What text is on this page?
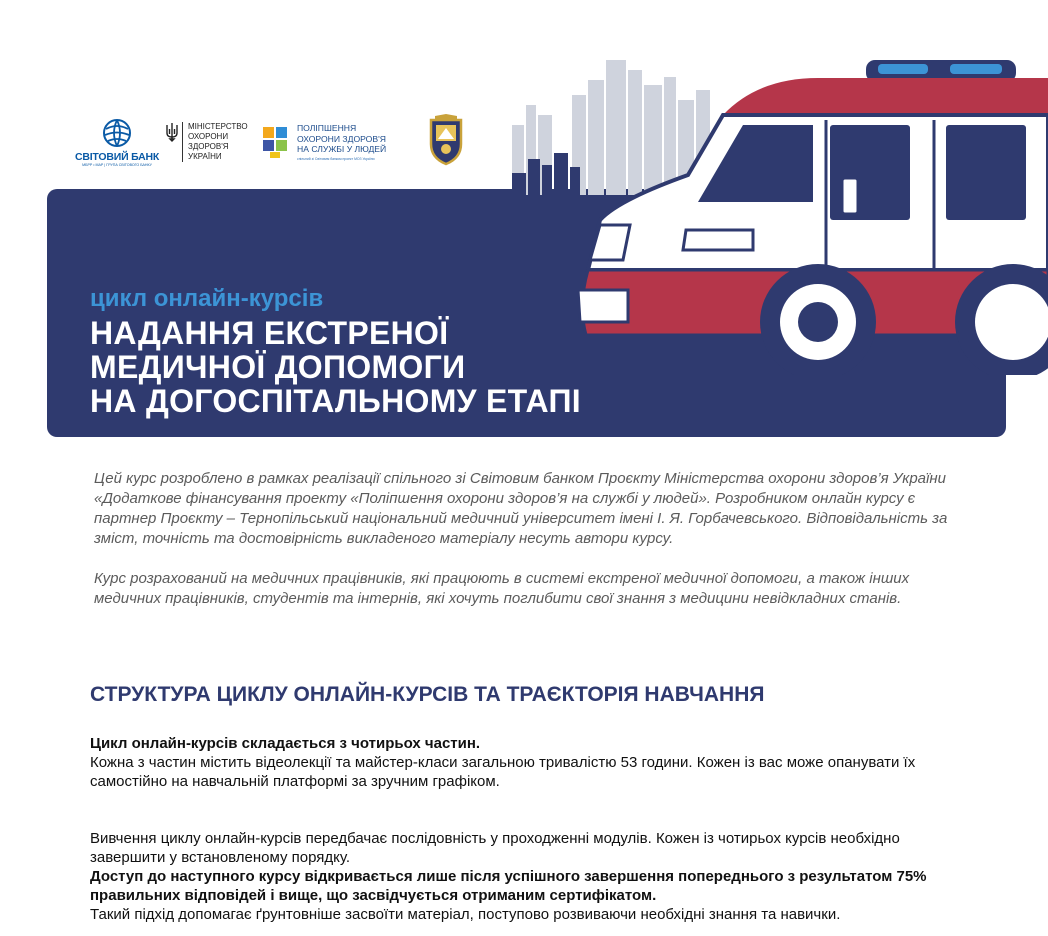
СВІТОВИЙ БАНК
МБРР • МАР | ГРУПА СВІТОВОГО БАНКУ
МІНІСТЕРСТВО
ОХОРОНИ
ЗДОРОВ'Я
УКРАЇНИ
ПОЛІПШЕННЯ
ОХОРОНИ ЗДОРОВ'Я
НА СЛУЖБІ У ЛЮДЕЙ
спільний зі Світовим банком проект МОЗ України
цикл онлайн-курсів
НАДАННЯ ЕКСТРЕНОЇ
МЕДИЧНОЇ ДОПОМОГИ
НА ДОГОСПІТАЛЬНОМУ ЕТАПІ

Цей курс розроблено в рамках реалізації спільного зі Світовим банком Проєкту Міністерства охорони здоров’я України «Додаткове фінансування проекту «Поліпшення охорони здоров’я на службі у людей». Розробником онлайн курсу є партнер Проєкту – Тернопільський національний медичний університет імені І. Я. Горбачевського. Відповідальність за зміст, точність та достовірність викладеного матеріалу несуть автори курсу.

Курс розрахований на медичних працівників, які працюють в системі екстреної медичної допомоги, а також інших медичних працівників, студентів та інтернів, які хочуть поглибити свої знання з медицини невідкладних станів.

СТРУКТУРА ЦИКЛУ ОНЛАЙН-КУРСІВ ТА ТРАЄКТОРІЯ НАВЧАННЯ
Цикл онлайн-курсів складається з чотирьох частин.
Кожна з частин містить відеолекції та майстер-класи загальною тривалістю 53 години. Кожен із вас може опанувати їх самостійно на навчальній платформі за зручним графіком.
Вивчення циклу онлайн-курсів передбачає послідовність у проходженні модулів. Кожен із чотирьох курсів необхідно завершити у встановленому порядку.
Доступ до наступного курсу відкривається лише після успішного завершення попереднього з результатом 75% правильних відповідей і вище, що засвідчується отриманим сертифікатом.
Такий підхід допомагає ґрунтовніше засвоїти матеріал, поступово розвиваючи необхідні знання та навички.
